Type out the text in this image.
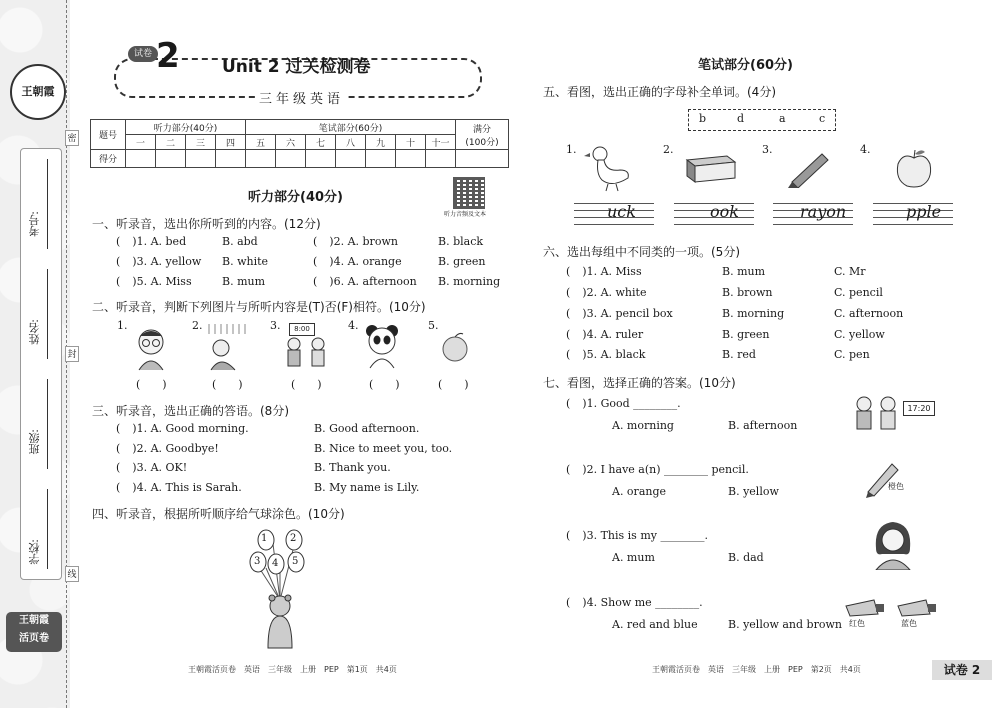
考号:
姓名:
班级:
学校:
密
封
线
王朝霞
王朝霞
活页卷
试卷 2 Unit 2 过关检测卷
三年级英语
题号	听力部分(40分)				笔试部分(60分)							满分
(100分)

	一	二	三	四	五	六	七	八	九	十	十一	
得分												
听力部分(40分)
听力音频及文本
一、听录音，选出你所听到的内容。(12分)
( )1. A. bed	B. abd	( )2. A. brown	B. black
( )3. A. yellow B. white	( )4. A. orange	B. green
( )5. A. Miss	B. mum	( )6. A. afternoon B. morning
二、听录音，判断下列图片与所听内容是(T)否(F)相符。(10分)
1.
(　　)
2.
(　　)
3.	8:00
(　　)
4.
(　　)
5.
(　　)
三、听录音，选出正确的答语。(8分)
( )1. A. Good morning.	B. Good afternoon.
( )2. A. Goodbye!	B. Nice to meet you, too.
( )3. A. OK!	B. Thank you.
( )4. A. This is Sarah.	B. My name is Lily.
四、听录音，根据所听顺序给气球涂色。(10分)
1 2
3 4 5
王朝霞活页卷　英语　三年级　上册　PEP　第1页　共4页
笔试部分(60分)
五、看图，选出正确的字母补全单词。(4分)
b	d	a	c
1.	2.	3.	4.
uck	ook	rayon	pple
六、选出每组中不同类的一项。(5分)
( )1. A. Miss	B. mum	C. Mr
( )2. A. white	B. brown	C. pencil
( )3. A. pencil box	B. morning	C. afternoon
( )4. A. ruler	B. green	C. yellow
( )5. A. black	B. red	C. pen
七、看图，选择正确的答案。(10分)
( )1. Good ________.
A. morning	B. afternoon
17:20
( )2. I have a(n) ________ pencil.
A. orange	B. yellow	橙色
( )3. This is my ________.
A. mum	B. dad
( )4. Show me ________.
A. red and blue	B. yellow and brown 红色	蓝色
王朝霞活页卷　英语　三年级　上册　PEP　第2页　共4页	试卷 2
